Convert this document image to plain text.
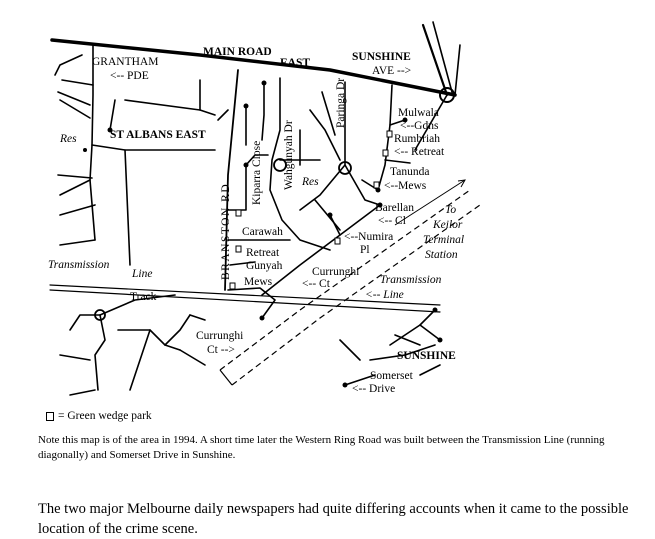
MAIN ROAD
EAST	SUNSHINE
AVE -->
GRANTHAM
<-- PDE
ST ALBANS EAST
Res
Res
BRANSTON RD
Kiparra Close Wahgunyah Dr
Paringa Dr	Mulwala
<--Gdns
Rumbriah
<-- Retreat
Tanunda
<--Mews
Barellan
<-- Cl
To
Keilor
Terminal
Station
Carawah	<--Numira
Pl
Retreat
Gunyah
Mews
Transmission
Line
Track
Currunghi
<-- Ct	Transmission
<-- Line
Currunghi
Ct -->	SUNSHINE
Somerset
<-- Drive
= Green wedge park

Note this map is of the area in 1994. A short time later the Western Ring Road was built between the Transmission Line (running diagonally) and Somerset Drive in Sunshine.

The two major Melbourne daily newspapers had quite differing accounts when it came to the possible location of the crime scene.
